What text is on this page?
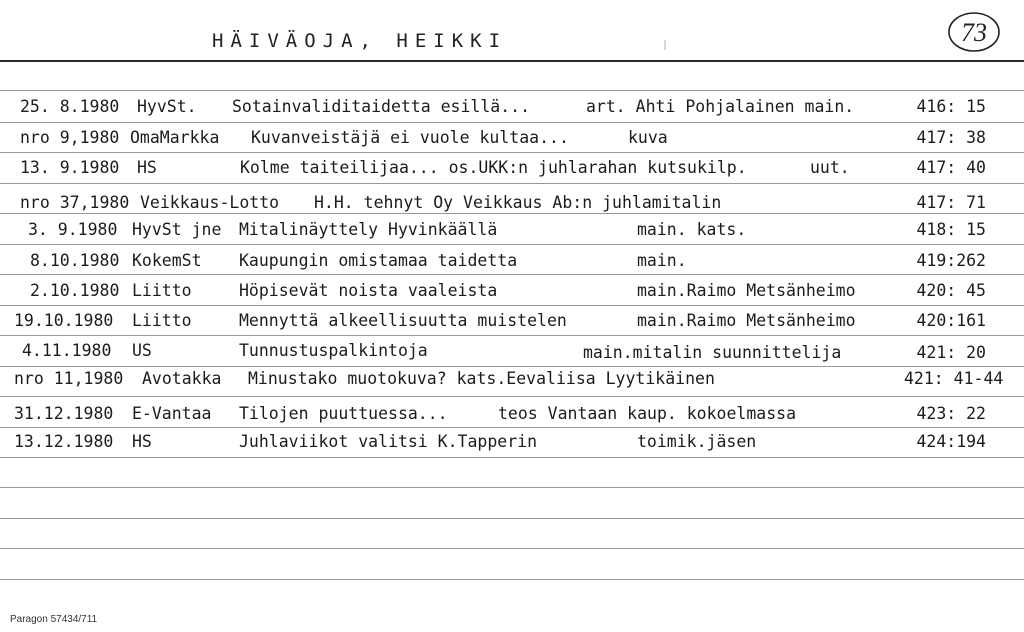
HÄIVÄOJA, HEIKKI	73
25. 8.1980 HyvSt. Sotainvaliditaidetta esillä...	art. Ahti Pohjalainen main.	416: 15
nro 9,1980 OmaMarkka Kuvanveistäjä ei vuole kultaa...	kuva	417: 38
13. 9.1980 HS	Kolme taiteilijaa... os.UKK:n juhlarahan kutsukilp.	uut.	417: 40
nro 37,1980 Veikkaus-Lotto H.H. tehnyt Oy Veikkaus Ab:n juhlamitalin	417: 71
3. 9.1980 HyvSt jne Mitalinäyttely Hyvinkäällä	main. kats.	418: 15
8.10.1980 KokemSt Kaupungin omistamaa taidetta	main.	419:262
2.10.1980 Liitto	Höpisevät noista vaaleista	main.Raimo Metsänheimo	420: 45
19.10.1980 Liitto	Mennyttä alkeellisuutta muistelen	main.Raimo Metsänheimo	420:161
4.11.1980 US	Tunnustuspalkintoja	main.mitalin suunnittelija	421: 20
nro 11,1980 Avotakka Minustako muotokuva? kats.Eevaliisa Lyytikäinen	421: 41-44
31.12.1980 E-Vantaa Tilojen puuttuessa...	teos Vantaan kaup. kokoelmassa	423: 22
13.12.1980 HS	Juhlaviikot valitsi K.Tapperin	toimik.jäsen	424:194
Paragon 57434/711
